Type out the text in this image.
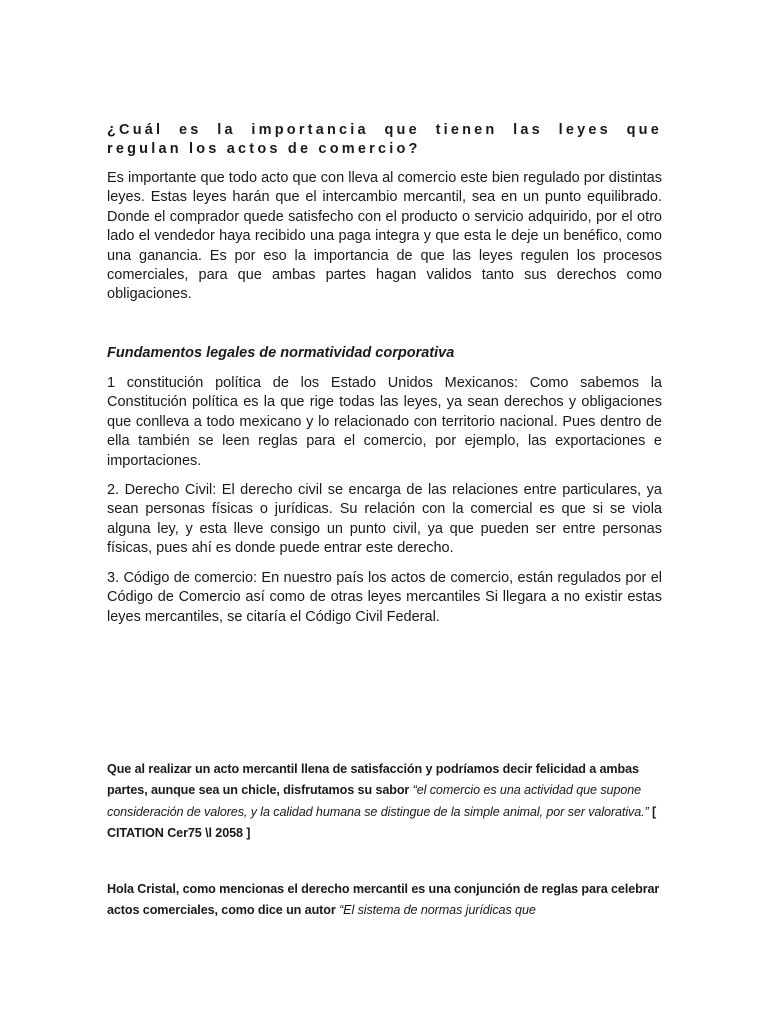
¿Cuál es la importancia que tienen las leyes que regulan los actos de comercio?

Es importante que todo acto que con lleva al comercio este bien regulado por distintas leyes. Estas leyes harán que el intercambio mercantil, sea en un punto equilibrado. Donde el comprador quede satisfecho con el producto o servicio adquirido, por el otro lado el vendedor haya recibido una paga integra y que esta le deje un benéfico, como una ganancia. Es por eso la importancia de que las leyes regulen los procesos comerciales, para que ambas partes hagan validos tanto sus derechos como obligaciones.

Fundamentos legales de normatividad corporativa

1 constitución política de los Estado Unidos Mexicanos: Como sabemos la Constitución política es la que rige todas las leyes, ya sean derechos y obligaciones que conlleva a todo mexicano y lo relacionado con territorio nacional. Pues dentro de ella también se leen reglas para el comercio, por ejemplo, las exportaciones e importaciones.

2. Derecho Civil: El derecho civil se encarga de las relaciones entre particulares, ya sean personas físicas o jurídicas. Su relación con la comercial es que si se viola alguna ley, y esta lleve consigo un punto civil, ya que pueden ser entre personas físicas, pues ahí es donde puede entrar este derecho.

3. Código de comercio: En nuestro país los actos de comercio, están regulados por el Código de Comercio así como de otras leyes mercantiles Si llegara a no existir estas leyes mercantiles, se citaría el Código Civil Federal.

Que al realizar un acto mercantil llena de satisfacción y podríamos decir felicidad a ambas partes, aunque sea un chicle, disfrutamos su sabor “el comercio es una actividad que supone consideración de valores, y la calidad humana se distingue de la simple animal, por ser valorativa.” [ CITATION Cer75 \l 2058 ]

Hola Cristal, como mencionas el derecho mercantil es una conjunción de reglas para celebrar actos comerciales, como dice un autor “El sistema de normas jurídicas que
